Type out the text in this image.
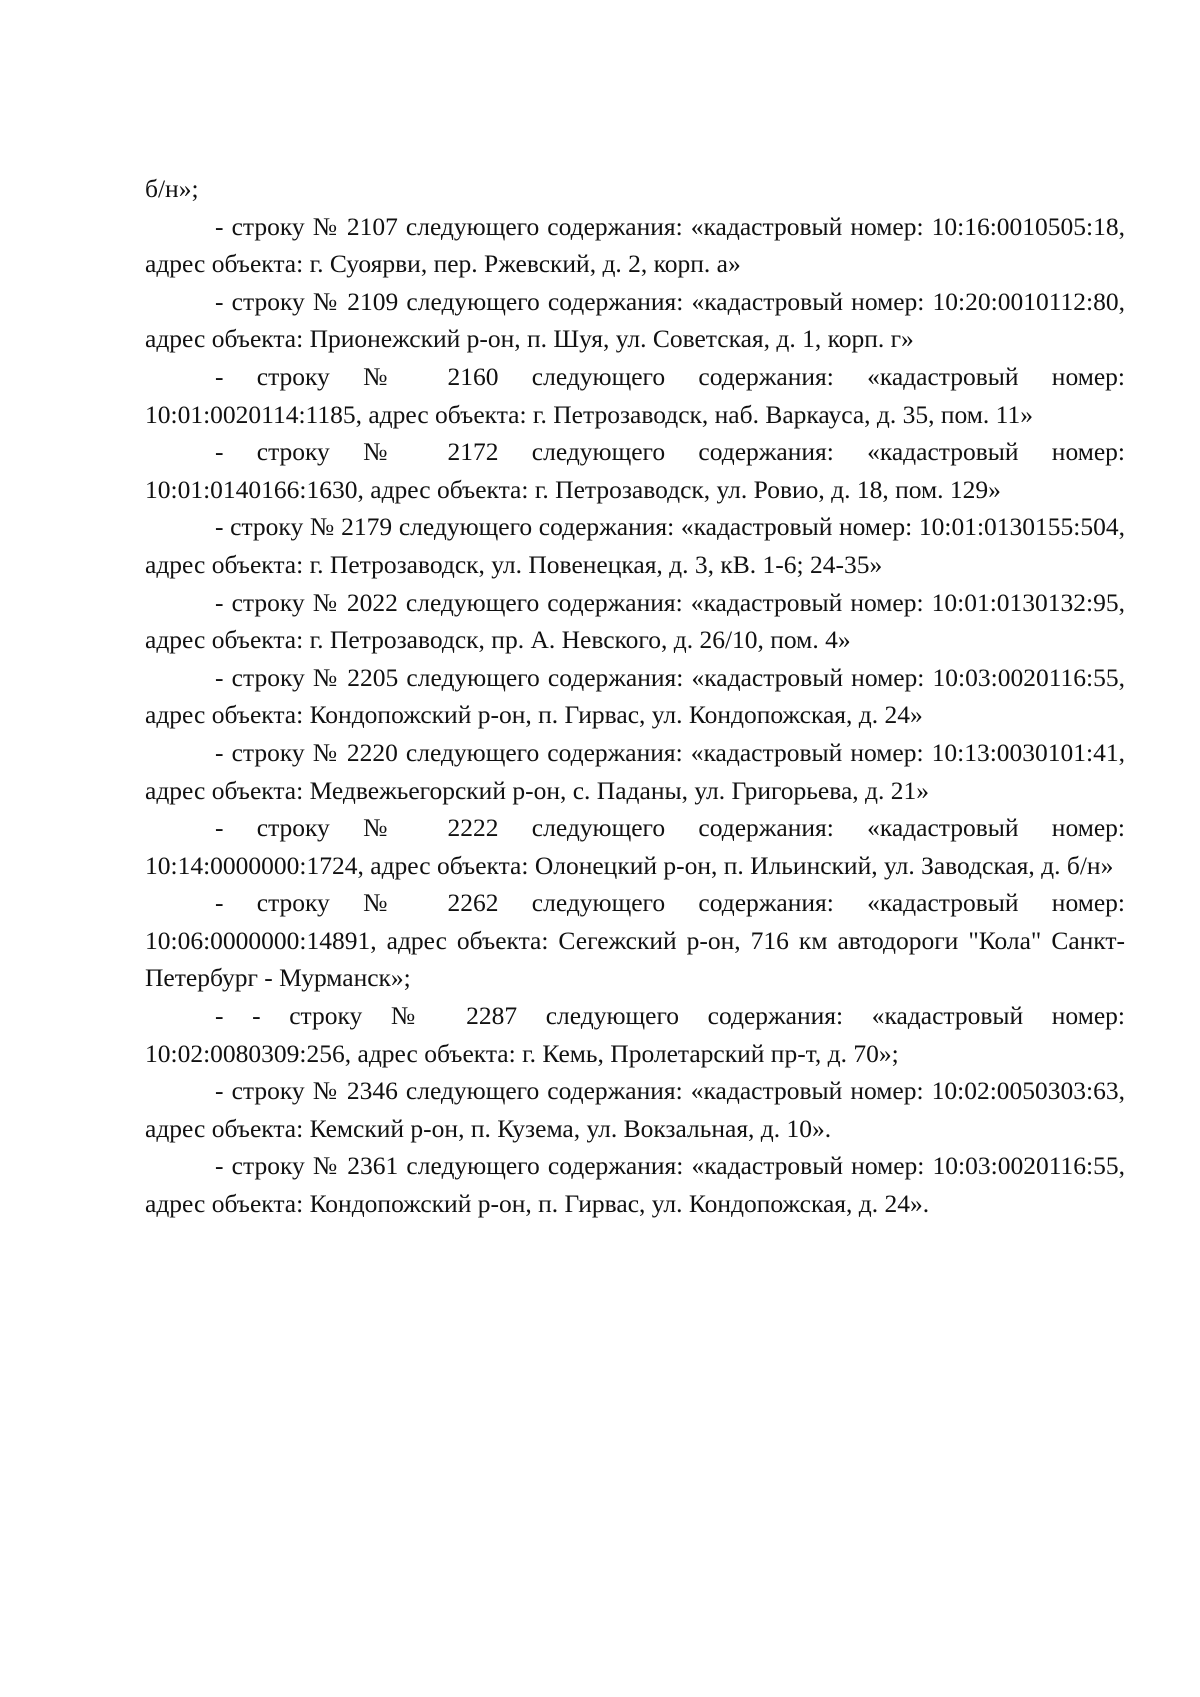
б/н»;

- строку № 2107 следующего содержания: «кадастровый номер: 10:16:0010505:18, адрес объекта: г. Суоярви, пер. Ржевский, д. 2, корп. а»

- строку № 2109 следующего содержания: «кадастровый номер: 10:20:0010112:80, адрес объекта: Прионежский р-он, п. Шуя, ул. Советская, д. 1, корп. г»

- строку № 2160 следующего содержания: «кадастровый номер: 10:01:0020114:1185, адрес объекта: г. Петрозаводск, наб. Варкауса, д. 35, пом. 11»

- строку № 2172 следующего содержания: «кадастровый номер: 10:01:0140166:1630, адрес объекта: г. Петрозаводск, ул. Ровио, д. 18, пом. 129»

- строку № 2179 следующего содержания: «кадастровый номер: 10:01:0130155:504, адрес объекта: г. Петрозаводск, ул. Повенецкая, д. 3, кВ. 1-6; 24-35»

- строку № 2022 следующего содержания: «кадастровый номер: 10:01:0130132:95, адрес объекта: г. Петрозаводск, пр. А. Невского, д. 26/10, пом. 4»

- строку № 2205 следующего содержания: «кадастровый номер: 10:03:0020116:55, адрес объекта: Кондопожский р-он, п. Гирвас, ул. Кондопожская, д. 24»

- строку № 2220 следующего содержания: «кадастровый номер: 10:13:0030101:41, адрес объекта: Медвежьегорский р-он, с. Паданы, ул. Григорьева, д. 21»

- строку № 2222 следующего содержания: «кадастровый номер: 10:14:0000000:1724, адрес объекта: Олонецкий р-он, п. Ильинский, ул. Заводская, д. б/н»

- строку № 2262 следующего содержания: «кадастровый номер: 10:06:0000000:14891, адрес объекта: Сегежский р-он, 716 км автодороги "Кола" Санкт-Петербург - Мурманск»;

- - строку № 2287 следующего содержания: «кадастровый номер: 10:02:0080309:256, адрес объекта: г. Кемь, Пролетарский пр-т, д. 70»;

- строку № 2346 следующего содержания: «кадастровый номер: 10:02:0050303:63, адрес объекта: Кемский р-он, п. Кузема, ул. Вокзальная, д. 10».

- строку № 2361 следующего содержания: «кадастровый номер: 10:03:0020116:55, адрес объекта: Кондопожский р-он, п. Гирвас, ул. Кондопожская, д. 24».
